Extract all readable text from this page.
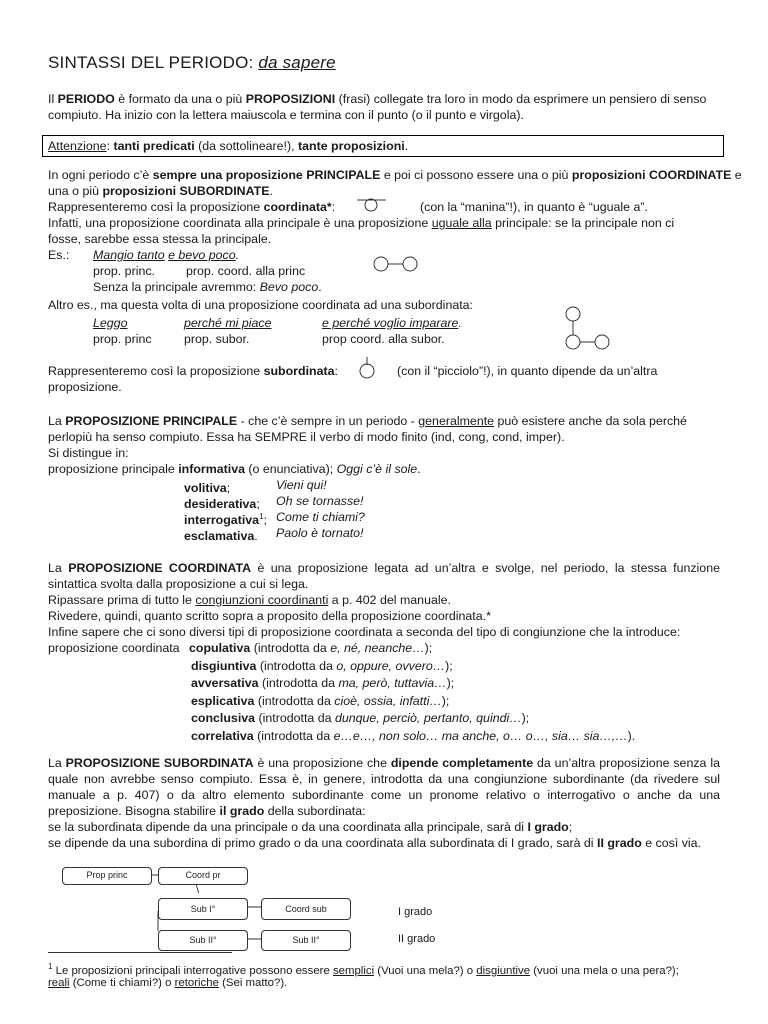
SINTASSI DEL PERIODO: da sapere
Il PERIODO è formato da una o più PROPOSIZIONI (frasi) collegate tra loro in modo da esprimere un pensiero di senso
compiuto. Ha inizio con la lettera maiuscola e termina con il punto (o il punto e virgola).
Attenzione: tanti predicati (da sottolineare!), tante proposizioni.
In ogni periodo c’è sempre una proposizione PRINCIPALE e poi ci possono essere una o più proposizioni COORDINATE e
una o più proposizioni SUBORDINATE.
Rappresenteremo così la proposizione coordinata*:	(con la “manina”!), in quanto è “uguale a”.
Infatti, una proposizione coordinata alla principale è una proposizione uguale alla principale: se la principale non ci
fosse, sarebbe essa stessa la principale.
Es.: Mangio tanto e bevo poco.
prop. princ.	prop. coord. alla princ
Senza la principale avremmo: Bevo poco.
Altro es., ma questa volta di una proposizione coordinata ad una subordinata:
Leggo	perché mi piace	e perché voglio imparare.
prop. princ	prop. subor.	prop coord. alla subor.
Rappresenteremo così la proposizione subordinata:	(con il “picciolo”!), in quanto dipende da un’altra
proposizione.
La PROPOSIZIONE PRINCIPALE - che c’è sempre in un periodo - generalmente può esistere anche da sola perché
perlopiù ha senso compiuto. Essa ha SEMPRE il verbo di modo finito (ind, cong, cond, imper).
Si distingue in:
proposizione principale informativa (o enunciativa); Oggi c’è il sole.
volitiva;	Vieni qui!
desiderativa; Oh se tornasse!
interrogativa$^1$; Come ti chiami?
esclamativa. Paolo è tornato!
La PROPOSIZIONE COORDINATA è una proposizione legata ad un’altra e svolge, nel periodo, la stessa funzione
sintattica svolta dalla proposizione a cui si lega.
Ripassare prima di tutto le congiunzioni coordinanti a p. 402 del manuale.
Rivedere, quindi, quanto scritto sopra a proposito della proposizione coordinata.*
Infine sapere che ci sono diversi tipi di proposizione coordinata a seconda del tipo di congiunzione che la introduce:
proposizione coordinata copulativa (introdotta da e, né, neanche…);
disgiuntiva (introdotta da o, oppure, ovvero…);
avversativa (introdotta da ma, però, tuttavia…);
esplicativa (introdotta da cioè, ossia, infatti…);
conclusiva (introdotta da dunque, perciò, pertanto, quindi…);
correlativa (introdotta da e…e…, non solo… ma anche, o… o…, sia… sia…,…).
La PROPOSIZIONE SUBORDINATA è una proposizione che dipende completamente da un’altra proposizione senza la
quale non avrebbe senso compiuto. Essa è, in genere, introdotta da una congiunzione subordinante (da rivedere sul
manuale a p. 407) o da altro elemento subordinante come un pronome relativo o interrogativo o anche da una
preposizione. Bisogna stabilire il grado della subordinata:
se la subordinata dipende da una principale o da una coordinata alla principale, sarà di I grado;
se dipende da una subordina di primo grado o da una coordinata alla subordinata di I grado, sarà di II grado e così via.
Prop princ	Coord pr
\
Sub I°	Coord sub	I grado
Sub II°	Sub II°	II grado
$^1$ Le proposizioni principali interrogative possono essere semplici (Vuoi una mela?) o disgiuntive (vuoi una mela o una pera?);
reali (Come ti chiami?) o retoriche (Sei matto?).
